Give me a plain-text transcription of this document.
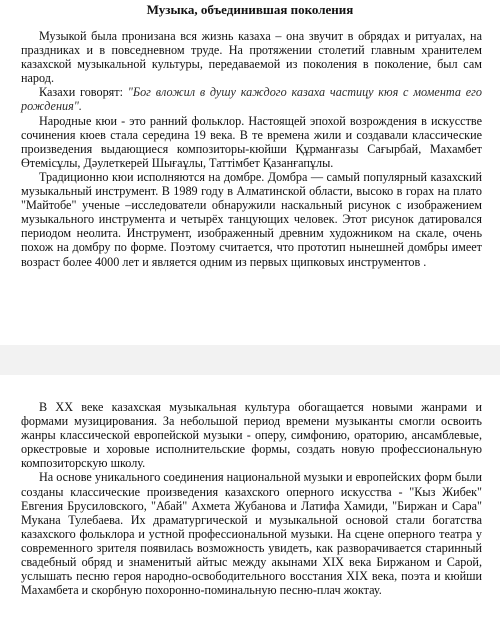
Музыка, объединившая поколения

Музыкой была пронизана вся жизнь казаха – она звучит в обрядах и ритуалах, на праздниках и в повседневном труде. На протяжении столетий главным хранителем казахской музыкальной культуры, передаваемой из поколения в поколение, был сам народ.

Казахи говорят: "Бог вложил в душу каждого казаха частицу кюя с момента его рождения".

Народные кюи - это ранний фольклор. Настоящей эпохой возрождения в искусстве сочинения кюев стала середина 19 века. В те времена жили и создавали классические произведения выдающиеся композиторы-кюйши Құрманғазы Сағырбай, Махамбет Өтемісұлы, Дәулеткерей Шығаұлы, Таттімбет Қазанғапұлы.

Традиционно кюи исполняются на домбре. Домбра — самый популярный казахский музыкальный инструмент. В 1989 году в Алматинской области, высоко в горах на плато "Майтобе" ученые –исследователи обнаружили наскальный рисунок с изображением музыкального инструмента и четырёх танцующих человек. Этот рисунок датировался периодом неолита. Инструмент, изображенный древним художником на скале, очень похож на домбру по форме. Поэтому считается, что прототип нынешней домбры имеет возраст более 4000 лет и является одним из первых щипковых инструментов .

В XX веке казахская музыкальная культура обогащается новыми жанрами и формами музицирования. За небольшой период времени музыканты смогли освоить жанры классической европейской музыки - оперу, симфонию, ораторию, ансамблевые, оркестровые и хоровые исполнительские формы, создать новую профессиональную композиторскую школу.

На основе уникального соединения национальной музыки и европейских форм были созданы классические произведения казахского оперного искусства - "Кыз Жибек" Евгения Брусиловского, "Абай" Ахмета Жубанова и Латифа Хамиди, "Биржан и Сара" Мукана Тулебаева. Их драматургической и музыкальной основой стали богатства казахского фольклора и устной профессиональной музыки. На сцене оперного театра у современного зрителя появилась возможность увидеть, как разворачивается старинный свадебный обряд и знаменитый айтыс между акынами XIX века Биржаном и Сарой, услышать песню героя народно-освободительного восстания XIX века, поэта и кюйши Махамбета и скорбную похоронно-поминальную песню-плач жоктау.
